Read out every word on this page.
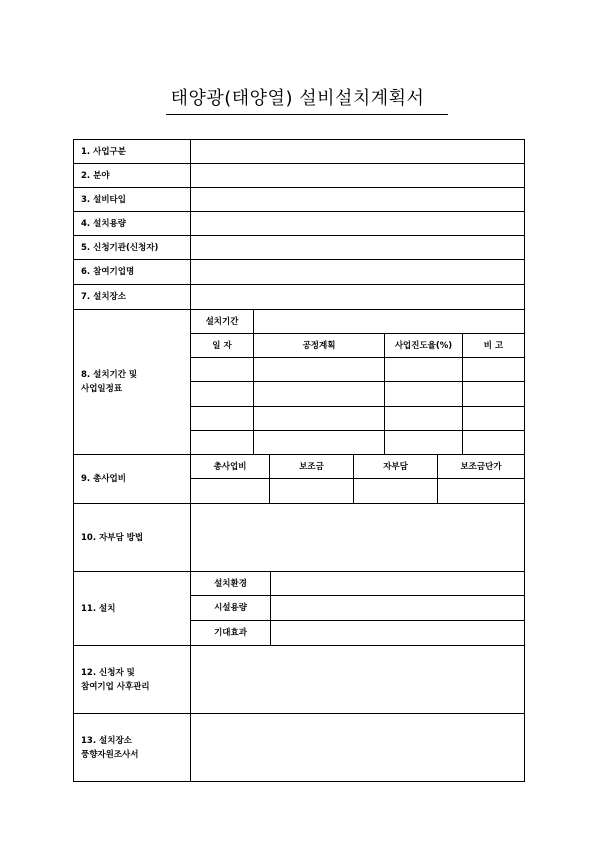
태양광(태양열) 설비설치계획서
1. 사업구분
2. 분야
3. 설비타입
4. 설치용량
5. 신청기관(신청자)
6. 참여기업명
7. 설치장소
8. 설치기간 및
사업일정표
설치기간
일 자	공정계획	사업진도율(%)	비 고
9. 총사업비
총사업비	보조금	자부담	보조금단가
10. 자부담 방법
11. 설치
설치환경
시설용량
기대효과
12. 신청자 및
참여기업 사후관리
13. 설치장소
풍향자원조사서
